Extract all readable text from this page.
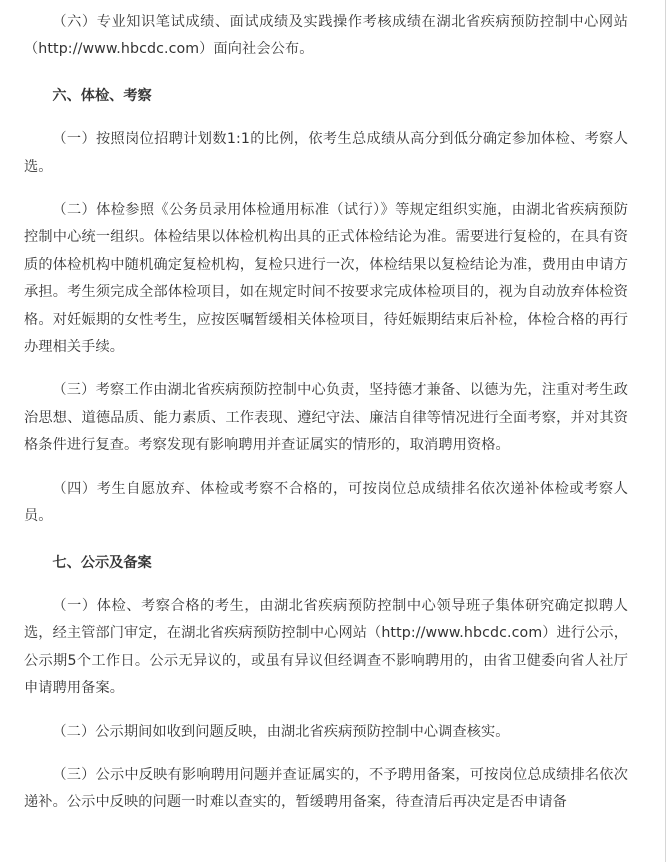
（六）专业知识笔试成绩、面试成绩及实践操作考核成绩在湖北省疾病预防控制中心网站（http://www.hbcdc.com）面向社会公布。

六、体检、考察

（一）按照岗位招聘计划数1:1的比例，依考生总成绩从高分到低分确定参加体检、考察人选。

（二）体检参照《公务员录用体检通用标准（试行）》等规定组织实施，由湖北省疾病预防控制中心统一组织。体检结果以体检机构出具的正式体检结论为准。需要进行复检的，在具有资质的体检机构中随机确定复检机构，复检只进行一次，体检结果以复检结论为准，费用由申请方承担。考生须完成全部体检项目，如在规定时间不按要求完成体检项目的，视为自动放弃体检资格。对妊娠期的女性考生，应按医嘱暂缓相关体检项目，待妊娠期结束后补检，体检合格的再行办理相关手续。

（三）考察工作由湖北省疾病预防控制中心负责，坚持德才兼备、以德为先，注重对考生政治思想、道德品质、能力素质、工作表现、遵纪守法、廉洁自律等情况进行全面考察，并对其资格条件进行复查。考察发现有影响聘用并查证属实的情形的，取消聘用资格。

（四）考生自愿放弃、体检或考察不合格的，可按岗位总成绩排名依次递补体检或考察人员。

七、公示及备案

（一）体检、考察合格的考生，由湖北省疾病预防控制中心领导班子集体研究确定拟聘人选，经主管部门审定，在湖北省疾病预防控制中心网站（http://www.hbcdc.com）进行公示，公示期5个工作日。公示无异议的，或虽有异议但经调查不影响聘用的，由省卫健委向省人社厅申请聘用备案。

（二）公示期间如收到问题反映，由湖北省疾病预防控制中心调查核实。

（三）公示中反映有影响聘用问题并查证属实的，不予聘用备案，可按岗位总成绩排名依次递补。公示中反映的问题一时难以查实的，暂缓聘用备案，待查清后再决定是否申请备
